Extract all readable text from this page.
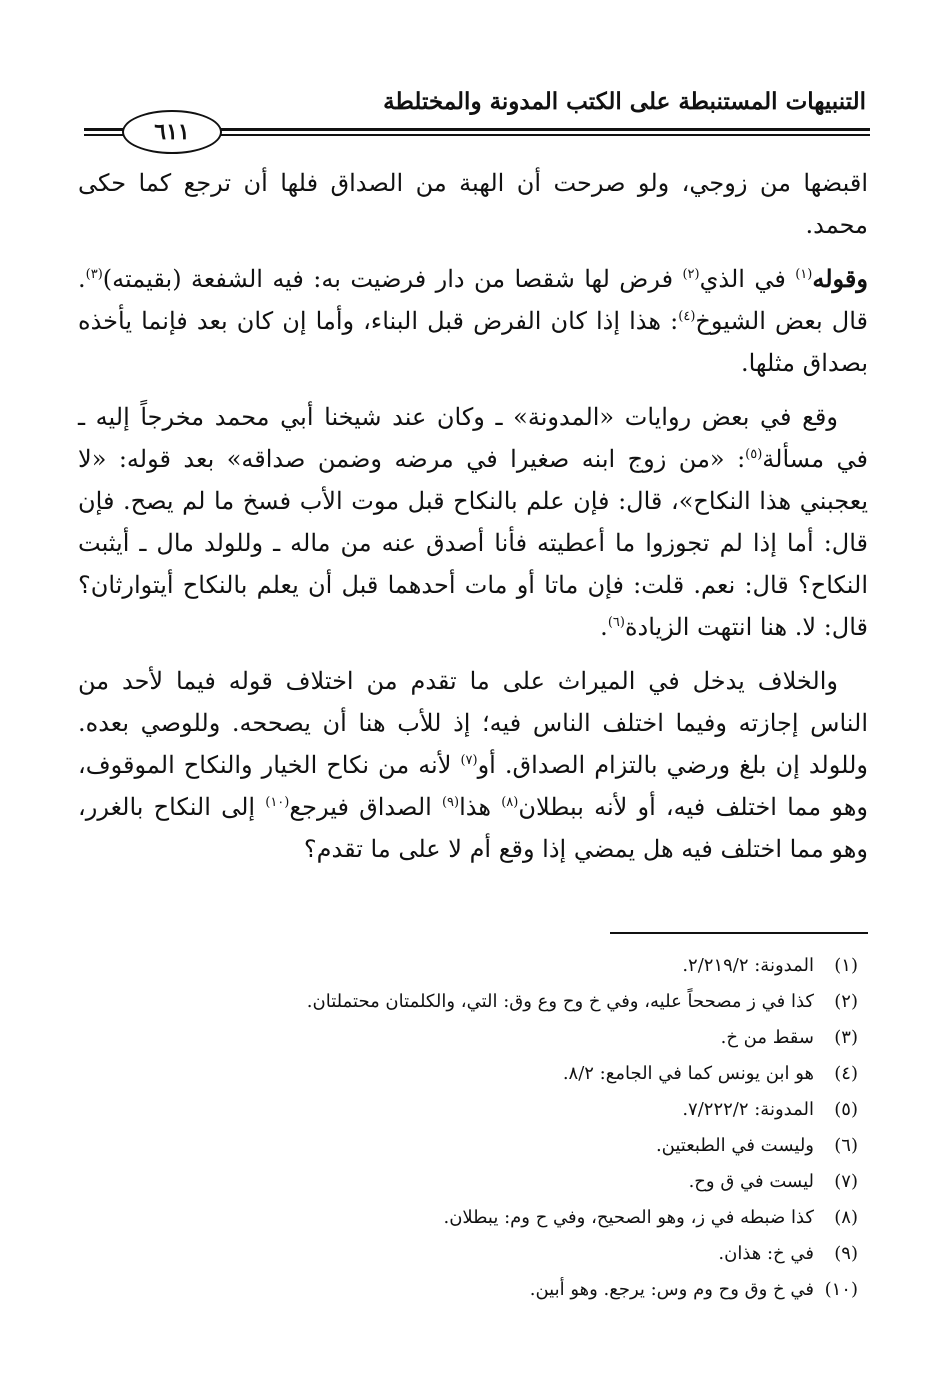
التنبيهات المستنبطة على الكتب المدونة والمختلطة
٦١١

اقبضها من زوجي، ولو صرحت أن الهبة من الصداق فلها أن ترجع كما حكى محمد.

وقوله$^{(١)}$ في الذي$^{(٢)}$ فرض لها شقصا من دار فرضيت به: فيه الشفعة (بقيمته)$^{(٣)}$. قال بعض الشيوخ$^{(٤)}$: هذا إذا كان الفرض قبل البناء، وأما إن كان بعد فإنما يأخذه بصداق مثلها.

وقع في بعض روايات «المدونة» ـ وكان عند شيخنا أبي محمد مخرجاً إليه ـ في مسألة$^{(٥)}$: «من زوج ابنه صغيرا في مرضه وضمن صداقه» بعد قوله: «لا يعجبني هذا النكاح»، قال: فإن علم بالنكاح قبل موت الأب فسخ ما لم يصح. فإن قال: أما إذا لم تجوزوا ما أعطيته فأنا أصدق عنه من ماله ـ وللولد مال ـ أيثبت النكاح؟ قال: نعم. قلت: فإن ماتا أو مات أحدهما قبل أن يعلم بالنكاح أيتوارثان؟ قال: لا. هنا انتهت الزيادة$^{(٦)}$.

والخلاف يدخل في الميراث على ما تقدم من اختلاف قوله فيما لأحد من الناس إجازته وفيما اختلف الناس فيه؛ إذ للأب هنا أن يصححه. وللوصي بعده. وللولد إن بلغ ورضي بالتزام الصداق. أو$^{(٧)}$ لأنه من نكاح الخيار والنكاح الموقوف، وهو مما اختلف فيه، أو لأنه ببطلان$^{(٨)}$ هذا$^{(٩)}$ الصداق فيرجع$^{(١٠)}$ إلى النكاح بالغرر، وهو مما اختلف فيه هل يمضي إذا وقع أم لا على ما تقدم؟

(١)
المدونة: ٢/٢١٩/٢.
(٢)
كذا في ز مصححاً عليه، وفي خ وح وع وق: التي، والكلمتان محتملتان.
(٣)
سقط من خ.
(٤)
هو ابن يونس كما في الجامع: ٨/٢.
(٥)
المدونة: ٧/٢٢٢/٢.
(٦)
وليست في الطبعتين.
(٧)
ليست في ق وح.
(٨)
كذا ضبطه في ز، وهو الصحيح، وفي ح وم: يبطلان.
(٩)
في خ: هذان.
(١٠)
في خ وق وح وم وس: يرجع. وهو أبين.
